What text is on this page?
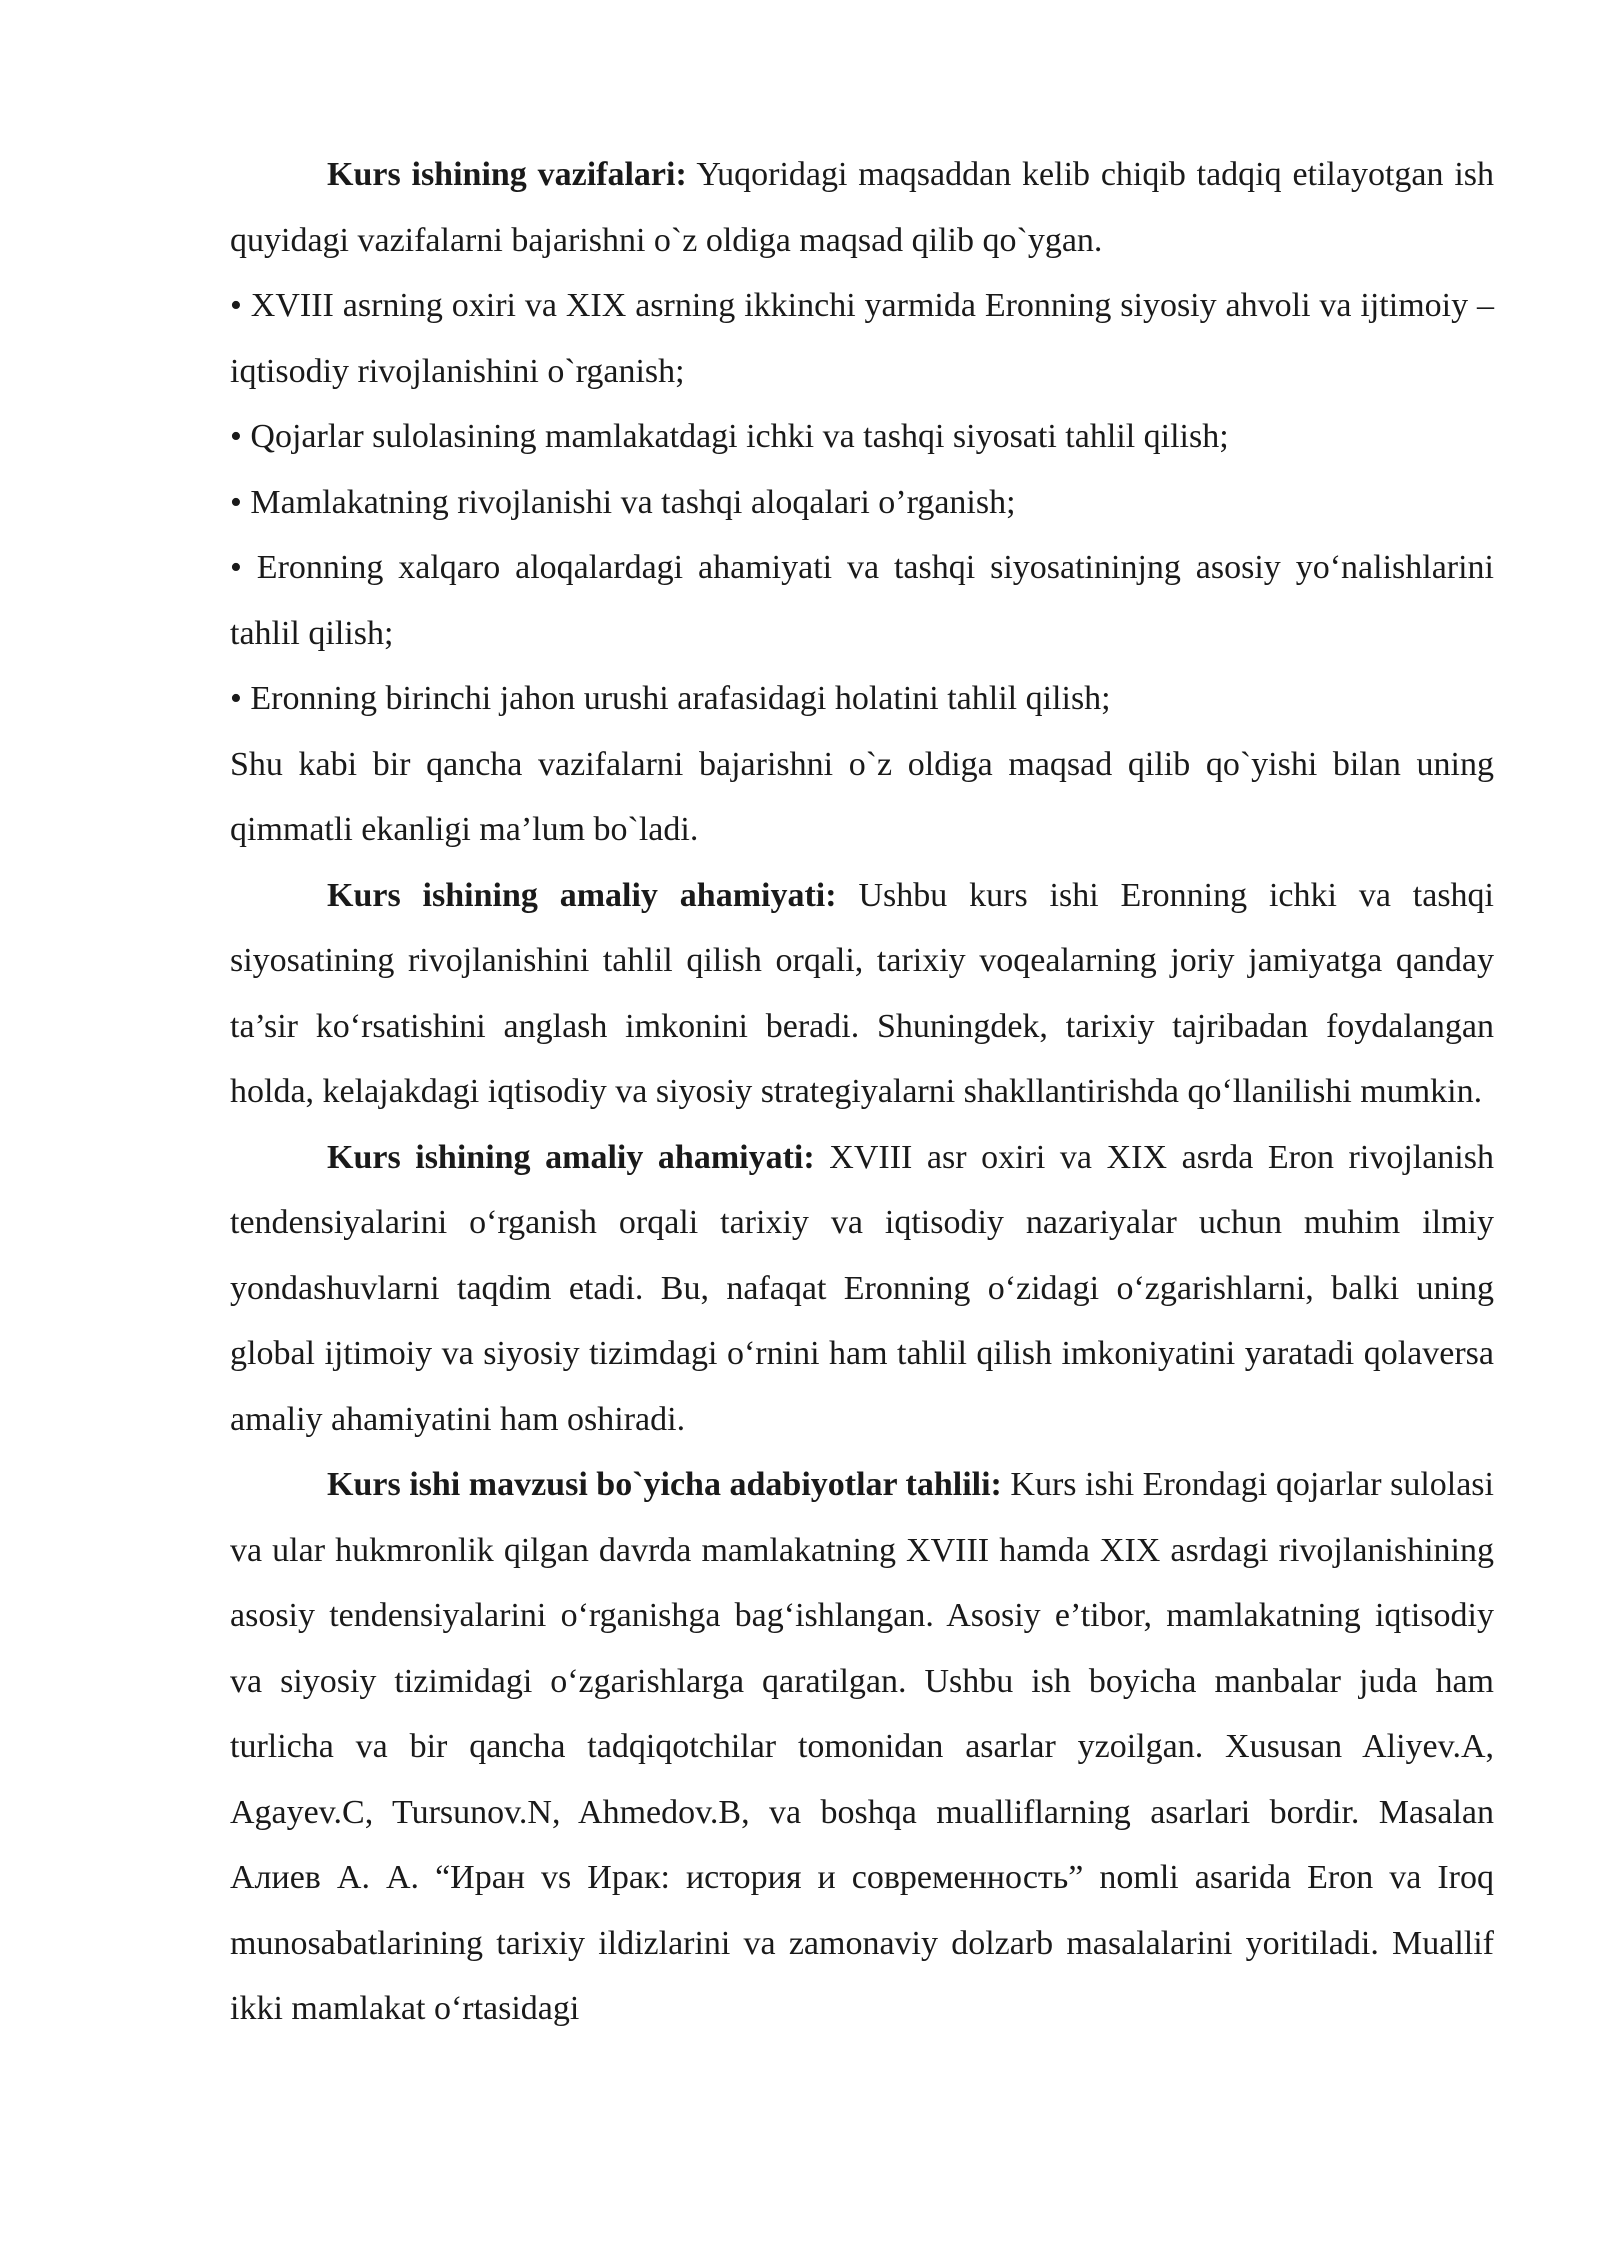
Kurs ishining vazifalari: Yuqoridagi maqsaddan kelib chiqib tadqiq etilayotgan ish quyidagi vazifalarni bajarishni o`z oldiga maqsad qilib qo`ygan.

• XVIII asrning oxiri va XIX asrning ikkinchi yarmida Eronning siyosiy ahvoli va ijtimoiy –iqtisodiy rivojlanishini o`rganish;

• Qojarlar sulolasining mamlakatdagi ichki va tashqi siyosati tahlil qilish;

• Mamlakatning rivojlanishi va tashqi aloqalari o’rganish;

• Eronning xalqaro aloqalardagi ahamiyati va tashqi siyosatininjng asosiy yo‘nalishlarini tahlil qilish;

• Eronning birinchi jahon urushi arafasidagi holatini tahlil qilish;

Shu kabi bir qancha vazifalarni bajarishni o`z oldiga maqsad qilib qo`yishi bilan uning qimmatli ekanligi ma’lum bo`ladi.

Kurs ishining amaliy ahamiyati: Ushbu kurs ishi Eronning ichki va tashqi siyosatining rivojlanishini tahlil qilish orqali, tarixiy voqealarning joriy jamiyatga qanday ta’sir ko‘rsatishini anglash imkonini beradi. Shuningdek, tarixiy tajribadan foydalangan holda, kelajakdagi iqtisodiy va siyosiy strategiyalarni shakllantirishda qo‘llanilishi mumkin.

Kurs ishining amaliy ahamiyati: XVIII asr oxiri va XIX asrda Eron rivojlanish tendensiyalarini o‘rganish orqali tarixiy va iqtisodiy nazariyalar uchun muhim ilmiy yondashuvlarni taqdim etadi. Bu, nafaqat Eronning o‘zidagi o‘zgarishlarni, balki uning global ijtimoiy va siyosiy tizimdagi o‘rnini ham tahlil qilish imkoniyatini yaratadi qolaversa amaliy ahamiyatini ham oshiradi.

Kurs ishi mavzusi bo`yicha adabiyotlar tahlili: Kurs ishi Erondagi qojarlar sulolasi va ular hukmronlik qilgan davrda mamlakatning XVIII hamda XIX asrdagi rivojlanishining asosiy tendensiyalarini o‘rganishga bag‘ishlangan. Asosiy e’tibor, mamlakatning iqtisodiy va siyosiy tizimidagi o‘zgarishlarga qaratilgan. Ushbu ish boyicha manbalar juda ham turlicha va bir qancha tadqiqotchilar tomonidan asarlar yzoilgan. Xususan Aliyev.A, Agayev.C, Tursunov.N, Ahmedov.B, va boshqa mualliflarning asarlari bordir. Masalan Алиев А. А. “Иран vs Ирак: история и современность” nomli asarida Eron va Iroq munosabatlarining tarixiy ildizlarini va zamonaviy dolzarb masalalarini yoritiladi. Muallif ikki mamlakat o‘rtasidagi
